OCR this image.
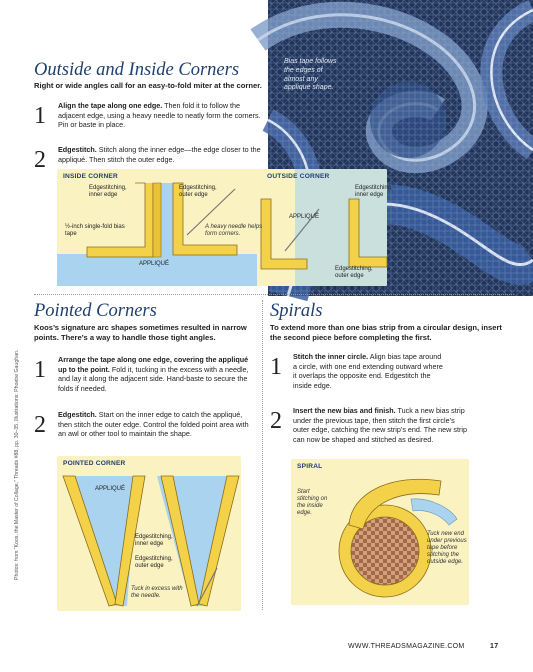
Bias tape follows the edges of almost any appliqué shape.
Outside and Inside Corners
Right or wide angles call for an easy-to-fold miter at the corner.
1 Align the tape along one edge. Then fold it to follow the adjacent edge, using a heavy needle to neatly form the corners. Pin or baste in place.
2 Edgestitch. Stitch along the inner edge—the edge closer to the appliqué. Then stitch the outer edge.
INSIDE CORNER	OUTSIDE CORNER
Edgestitching, inner edge
Edgestitching, outer edge
½-inch single-fold bias tape
A heavy needle helps form corners.
APPLIQUÉ
APPLIQUÉ
Edgestitching, inner edge
Edgestitching, outer edge
Pointed Corners
Koos’s signature arc shapes sometimes resulted in narrow points. There’s a way to handle those tight angles.
1 Arrange the tape along one edge, covering the appliqué up to the point. Fold it, tucking in the excess with a needle, and lay it along the adjacent side. Hand-baste to secure the folds if needed.
2 Edgestitch. Start on the inner edge to catch the appliqué, then stitch the outer edge. Control the folded point area with an awl or other tool to maintain the shape.
POINTED CORNER
APPLIQUÉ
Edgestitching, inner edge
Edgestitching, outer edge
Tuck in excess with the needle.
Spirals
To extend more than one bias strip from a circular design, insert the second piece before completing the first.
1 Stitch the inner circle. Align bias tape around a circle, with one end extending outward where it overlaps the opposite end. Edgestitch the inside edge.
2 Insert the new bias and finish. Tuck a new bias strip under the previous tape, then stitch the first circle’s outer edge, catching the new strip’s end. The new strip can now be shaped and stitched as desired.
SPIRAL
Start stitching on the inside edge.
Tuck new end under previous tape before stitching the outside edge.
Photos: from “Koos, the Master of Collage,” Threads #88, pp. 30–35. Illustrations: Phoebe Gaughan.
WWW.THREADSMAGAZINE.COM	17
